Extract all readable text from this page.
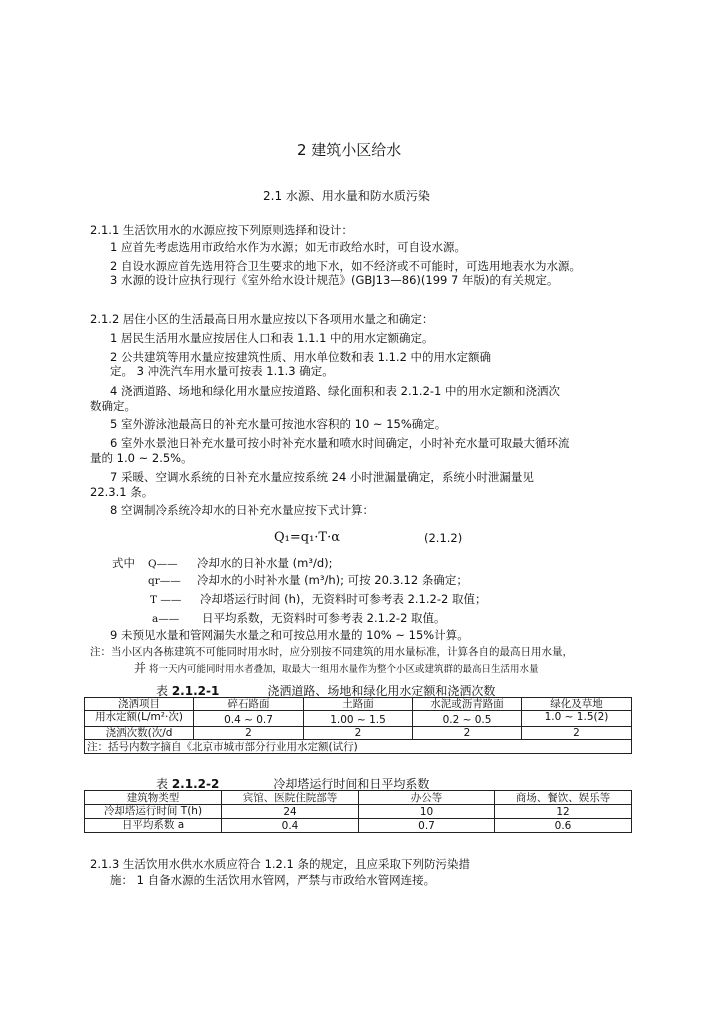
2 建筑小区给水
2.1 水源、用水量和防水质污染
2.1.1 生活饮用水的水源应按下列原则选择和设计：
1 应首先考虑选用市政给水作为水源；如无市政给水时，可自设水源。
2 自设水源应首先选用符合卫生要求的地下水，如不经济或不可能时，可选用地表水为水源。
3 水源的设计应执行现行《室外给水设计规范》(GBJ13—86)(199 7 年版)的有关规定。
2.1.2 居住小区的生活最高日用水量应按以下各项用水量之和确定：
1 居民生活用水量应按居住人口和表 1.1.1 中的用水定额确定。
2 公共建筑等用水量应按建筑性质、用水单位数和表 1.1.2 中的用水定额确
定。 3 冲洗汽车用水量可按表 1.1.3 确定。
4 浇洒道路、场地和绿化用水量应按道路、绿化面积和表 2.1.2-1 中的用水定额和浇洒次
数确定。
5 室外游泳池最高日的补充水量可按池水容积的 10 ~ 15%确定。
6 室外水景池日补充水量可按小时补充水量和喷水时间确定，小时补充水量可取最大循环流
量的 1.0 ~ 2.5%。
7 采暖、空调水系统的日补充水量应按系统 24 小时泄漏量确定，系统小时泄漏量见
22.3.1 条。
8 空调制冷系统冷却水的日补充水量应按下式计算：
Q₁=q₁·T·α	(2.1.2)
式中 Q—— 冷却水的日补水量 (m³/d);
qr—— 冷却水的小时补水量 (m³/h); 可按 20.3.12 条确定；
T —— 冷却塔运行时间 (h)，无资料时可参考表 2.1.2-2 取值；
a—— 日平均系数，无资料时可参考表 2.1.2-2 取值。
9 未预见水量和管网漏失水量之和可按总用水量的 10% ~ 15%计算。
注：当小区内各栋建筑不可能同时用水时，应分别按不同建筑的用水量标准，计算各自的最高日用水量，
并 将一天内可能同时用水者叠加，取最大一组用水量作为整个小区或建筑群的最高日生活用水量
表 2.1.2-1	浇洒道路、场地和绿化用水定额和浇洒次数
浇洒项目	碎石路面	土路面	水泥或沥青路面	绿化及草地
用水定额(L/m²·次)	0.4 ~ 0.7	1.00 ~ 1.5	0.2 ~ 0.5	1.0 ~ 1.5(2)
浇洒次数(次/d	2	2	2	2
注：括号内数字摘自《北京市城市部分行业用水定额(试行)				
表 2.1.2-2	冷却塔运行时间和日平均系数
建筑物类型	宾馆、医院住院部等	办公等	商场、餐饮、娱乐等
冷却塔运行时间 T(h)	24	10	12
日平均系数 a	0.4	0.7	0.6
2.1.3 生活饮用水供水水质应符合 1.2.1 条的规定，且应采取下列防污染措
施： 1 自备水源的生活饮用水管网，严禁与市政给水管网连接。
